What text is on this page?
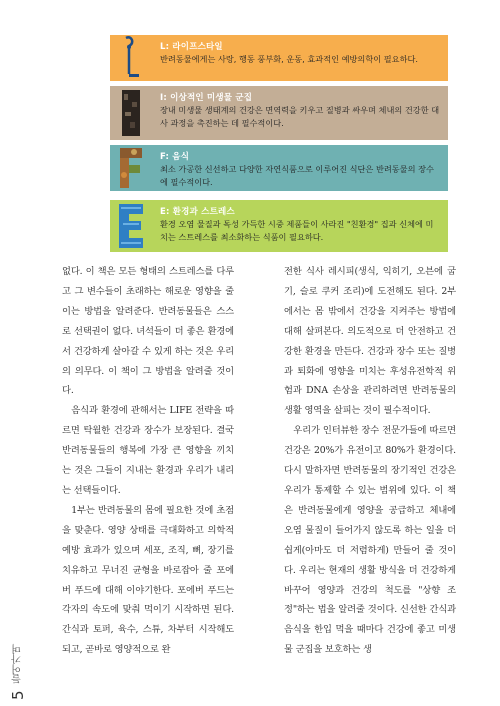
5
들어가며
L: 라이프스타일
반려동물에게는 사랑, 행동 풍부화, 운동, 효과적인 예방의학이 필요하다.
I: 이상적인 미생물 군집
장내 미생물 생태계의 건강은 면역력을 키우고 질병과 싸우며 체내의 건강한 대사 과정을 촉진하는 데 필수적이다.
F: 음식
최소 가공한 신선하고 다양한 자연식품으로 이루어진 식단은 반려동물의 장수에 필수적이다.
E: 환경과 스트레스
환경 오염 물질과 독성 가득한 시중 제품들이 사라진 "친환경" 집과 신체에 미치는 스트레스를 최소화하는 식품이 필요하다.

없다. 이 책은 모든 형태의 스트레스를 다루고 그 변수들이 초래하는 해로운 영향을 줄이는 방법을 알려준다. 반려동물들은 스스로 선택권이 없다. 녀석들이 더 좋은 환경에서 건강하게 살아갈 수 있게 하는 것은 우리의 의무다. 이 책이 그 방법을 알려줄 것이다.

음식과 환경에 관해서는 LIFE 전략을 따르면 탁월한 건강과 장수가 보장된다. 결국 반려동물들의 행복에 가장 큰 영향을 끼치는 것은 그들이 지내는 환경과 우리가 내리는 선택들이다.

1부는 반려동물의 몸에 필요한 것에 초점을 맞춘다. 영양 상태를 극대화하고 의학적 예방 효과가 있으며 세포, 조직, 뼈, 장기를 치유하고 무너진 균형을 바로잡아 줄 포에버 푸드에 대해 이야기한다. 포에버 푸드는 각자의 속도에 맞춰 먹이기 시작하면 된다. 간식과 토퍼, 육수, 스튜, 차부터 시작해도 되고, 곧바로 영양적으로 완

전한 식사 레시피(생식, 익히기, 오븐에 굽기, 슬로 쿠커 조리)에 도전해도 된다. 2부에서는 몸 밖에서 건강을 지켜주는 방법에 대해 살펴본다. 의도적으로 더 안전하고 건강한 환경을 만든다. 건강과 장수 또는 질병과 퇴화에 영향을 미치는 후성유전학적 위험과 DNA 손상을 관리하려면 반려동물의 생활 영역을 살피는 것이 필수적이다.

우리가 인터뷰한 장수 전문가들에 따르면 건강은 20%가 유전이고 80%가 환경이다. 다시 말하자면 반려동물의 장기적인 건강은 우리가 통제할 수 있는 범위에 있다. 이 책은 반려동물에게 영양을 공급하고 체내에 오염 물질이 들어가지 않도록 하는 일을 더 쉽게(아마도 더 저렴하게) 만들어 줄 것이다. 우리는 현재의 생활 방식을 더 건강하게 바꾸어 영양과 건강의 척도를 "상향 조정"하는 법을 알려줄 것이다. 신선한 간식과 음식을 한입 먹을 때마다 건강에 좋고 미생물 군집을 보호하는 생
